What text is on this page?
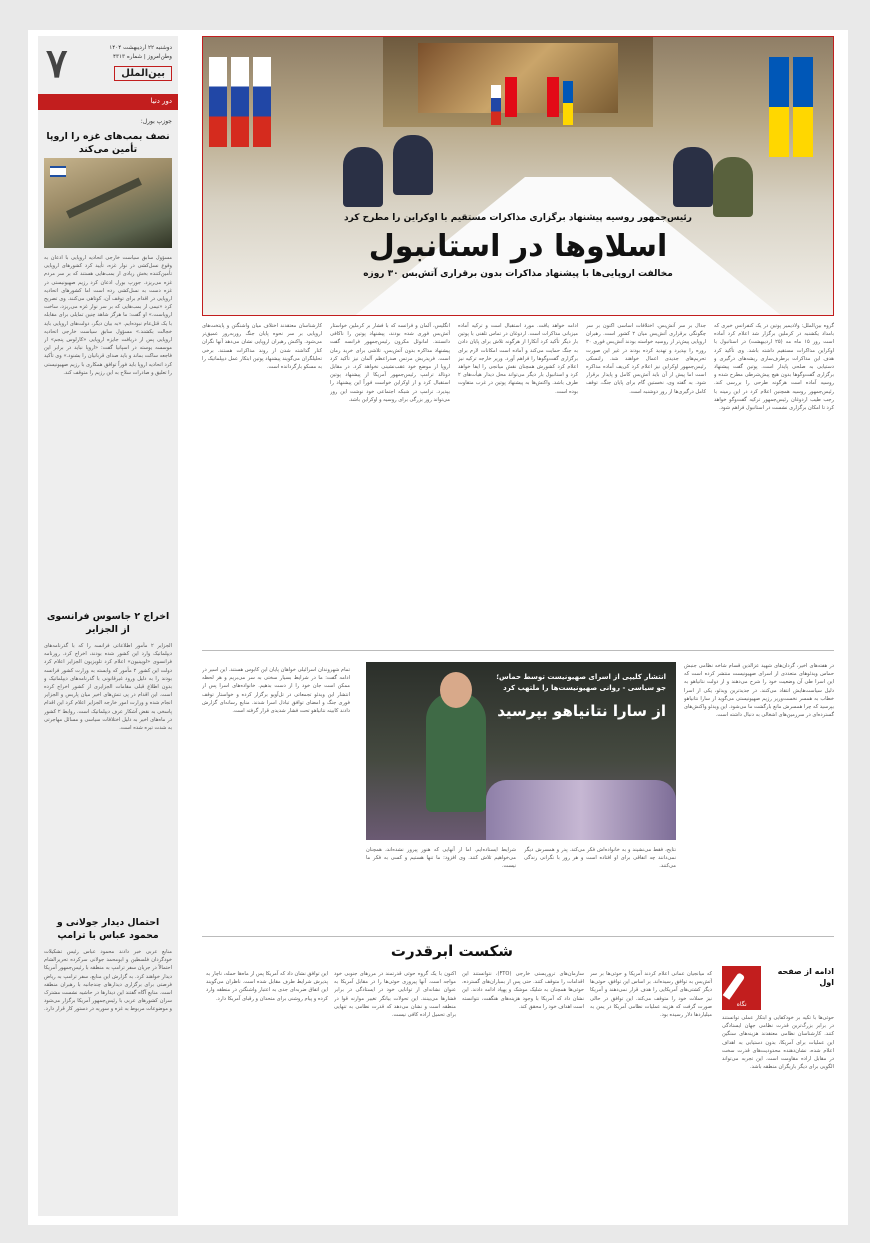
۷	دوشنبه ۲۲ اردیبهشت ۱۴۰۴
وطن‌امروز | شماره ۴۳۱۳
بین‌الملل
دور دنیا
جوزپ بورل:
نصف بمب‌های غزه را اروپا تأمین می‌کند

مسؤول سابق سیاست خارجی اتحادیه اروپایی با اذعان به وقوع نسل‌کشی در نوار غزه، تأیید کرد کشورهای اروپایی تأمین‌کننده بخش زیادی از بمب‌هایی هستند که بر سر مردم غزه می‌ریزد. جوزپ بورل اذعان کرد رژیم صهیونیستی در غزه دست به نسل‌کشی زده است اما کشورهای اتحادیه اروپایی در اقدام برای توقف آن، کوتاهی می‌کنند. وی تصریح کرد «نیمی از بمب‌هایی که بر سر نوار غزه می‌ریزد، ساخت اروپاست.» او گفت: ما هرگز شاهد چنین تمایلی برای مقابله با یک قتل‌عام نبوده‌ایم. «به بیان دیگر، دولت‌های اروپایی باید خجالت بکشند.» مسؤول سابق سیاست خارجی اتحادیه اروپایی پس از دریافت جایزه اروپایی «کارلوس پنجم» از موسسه یوسته در اسپانیا گفت: «اروپا نباید در برابر این فاجعه ساکت بماند و باید صدای قربانیان را بشنود.» وی تأکید کرد اتحادیه اروپا باید فوراً توافق همکاری با رژیم صهیونیستی را تعلیق و صادرات سلاح به این رژیم را متوقف کند.

اخراج ۲ جاسوس فرانسوی از الجزایر

الجزایر ۲ مأمور اطلاعاتی فرانسه را که با گذرنامه‌های دیپلماتیک وارد این کشور شده بودند، اخراج کرد. روزنامه فرانسوی «لوپینیون» اعلام کرد تلویزیون الجزایر اعلام کرد دولت این کشور ۲ مأمور که وابسته به وزارت کشور فرانسه بودند را به دلیل ورود غیرقانونی با گذرنامه‌های دیپلماتیک و بدون اطلاع قبلی مقامات الجزایری از کشور اخراج کرده است. این اقدام در پی تنش‌های اخیر میان پاریس و الجزایر انجام شده و وزارت امور خارجه الجزایر اعلام کرد این اقدام پاسخی به نقض آشکار عرف دیپلماتیک است. روابط ۲ کشور در ماه‌های اخیر به دلیل اختلافات سیاسی و مسائل مهاجرتی به شدت تیره شده است.

احتمال دیدار جولانی و محمود عباس با ترامپ

منابع عربی خبر دادند محمود عباس رئیس تشکیلات خودگردان فلسطین و ابومحمد جولانی سرکرده تحریرالشام احتمالاً در جریان سفر ترامپ به منطقه با رئیس‌جمهور آمریکا دیدار خواهند کرد. به گزارش این منابع، سفر ترامپ به ریاض فرصتی برای برگزاری دیدارهای چندجانبه با رهبران منطقه است. منابع آگاه گفتند این دیدارها در حاشیه نشست مشترک سران کشورهای عربی با رئیس‌جمهور آمریکا برگزار می‌شود و موضوعات مربوط به غزه و سوریه در دستور کار قرار دارد.

رئیس‌جمهور روسیه پیشنهاد برگزاری مذاکرات مستقیم با اوکراین را مطرح کرد
اسلاوها در استانبول
مخالفت اروپایی‌ها با پیشنهاد مذاکرات بدون برقراری آتش‌بس ۳۰ روزه

گروه بین‌الملل: ولادیمیر پوتین در یک کنفرانس خبری که بامداد یکشنبه در کرملین برگزار شد اعلام کرد آماده است روز ۱۵ ماه مه (۲۵ اردیبهشت) در استانبول با اوکراین مذاکرات مستقیم داشته باشد. وی تأکید کرد هدف این مذاکرات برطرف‌سازی ریشه‌های درگیری و دستیابی به صلحی پایدار است. پوتین گفت پیشنهاد برگزاری گفت‌وگوها بدون هیچ پیش‌شرطی مطرح شده و روسیه آماده است هرگونه طرحی را بررسی کند. رئیس‌جمهور روسیه همچنین اعلام کرد در این زمینه با رجب طیب اردوغان رئیس‌جمهور ترکیه گفت‌وگو خواهد کرد تا امکان برگزاری نشست در استانبول فراهم شود.

جدال بر سر آتش‌بس. اختلافات اساسی اکنون بر سر چگونگی برقراری آتش‌بس میان ۲ کشور است. رهبران اروپایی پیش‌تر از روسیه خواسته بودند آتش‌بس فوری ۳۰ روزه را بپذیرد و تهدید کرده بودند در غیر این صورت تحریم‌های جدیدی اعمال خواهند شد. زلنسکی رئیس‌جمهور اوکراین نیز اعلام کرد کی‌یف آماده مذاکره است اما پیش از آن باید آتش‌بس کامل و پایدار برقرار شود. به گفته وی، نخستین گام برای پایان جنگ، توقف کامل درگیری‌ها از روز دوشنبه است.

ادامه خواهد یافت. مورد استقبال است و ترکیه آماده میزبانی مذاکرات است. اردوغان در تماس تلفنی با پوتین بار دیگر تأکید کرد آنکارا از هرگونه تلاش برای پایان دادن به جنگ حمایت می‌کند و آماده است امکانات لازم برای برگزاری گفت‌وگوها را فراهم آورد. وزیر خارجه ترکیه نیز اعلام کرد کشورش همچنان نقش میانجی را ایفا خواهد کرد و استانبول بار دیگر می‌تواند محل دیدار هیأت‌های ۲ طرف باشد. واکنش‌ها به پیشنهاد پوتین در غرب متفاوت بوده است.

انگلیس، آلمان و فرانسه که با فشار بر کرملین خواستار آتش‌بس فوری شده بودند، پیشنهاد پوتین را ناکافی دانستند. امانوئل مکرون رئیس‌جمهور فرانسه گفت پیشنهاد مذاکره بدون آتش‌بس، تلاشی برای خرید زمان است. فریدریش مرتس صدراعظم آلمان نیز تأکید کرد اروپا از موضع خود عقب‌نشینی نخواهد کرد. در مقابل دونالد ترامپ رئیس‌جمهور آمریکا از پیشنهاد پوتین استقبال کرد و از اوکراین خواست فوراً این پیشنهاد را بپذیرد. ترامپ در شبکه اجتماعی خود نوشت این روز می‌تواند روز بزرگی برای روسیه و اوکراین باشد.

کارشناسان معتقدند اختلاف میان واشنگتن و پایتخت‌های اروپایی بر سر نحوه پایان جنگ روزبه‌روز عمیق‌تر می‌شود. واکنش رهبران اروپایی نشان می‌دهد آنها نگران کنار گذاشته شدن از روند مذاکرات هستند. برخی تحلیلگران می‌گویند پیشنهاد پوتین ابتکار عمل دیپلماتیک را به مسکو بازگردانده است.

در هفته‌های اخیر، گردان‌های شهید عزالدین قسام شاخه نظامی جنبش حماس ویدئوهای متعددی از اسرای صهیونیست منتشر کرده است که این اسرا طی آن وضعیت خود را شرح می‌دهند و از دولت نتانیاهو به دلیل سیاست‌هایش انتقاد می‌کنند. در جدیدترین ویدئو، یکی از اسرا خطاب به همسر نخست‌وزیر رژیم صهیونیستی می‌گوید از سارا نتانیاهو بپرسید که چرا همسرش مانع بازگشت ما می‌شود. این ویدئو واکنش‌های گسترده‌ای در سرزمین‌های اشغالی به دنبال داشته است.

انتشار کلیپی از اسرای صهیونیست توسط حماس؛ جو سیاسی - روانی صهیونیست‌ها را ملتهب کرد
از سارا نتانیاهو بپرسید

تمام شهروندان اسرائیلی خواهان پایان این کابوس هستند. این اسیر در ادامه گفت: ما در شرایط بسیار سختی به سر می‌بریم و هر لحظه ممکن است جان خود را از دست بدهیم. خانواده‌های اسرا پس از انتشار این ویدئو تجمعاتی در تل‌آویو برگزار کرده و خواستار توقف فوری جنگ و امضای توافق تبادل اسرا شدند. منابع رسانه‌ای گزارش دادند کابینه نتانیاهو تحت فشار شدیدی قرار گرفته است.

نتایج، فقط می‌نشیند و به خانواده‌اش فکر می‌کند. پدر و همسرش دیگر نمی‌دانند چه اتفاقی برای او افتاده است و هر روز با نگرانی زندگی می‌کنند.

شرایط ایستاده‌ایم. اما از آنهایی که هنوز پیروز نشده‌اند، همچنان می‌خواهیم تلاش کنند. وی افزود: ما تنها هستیم و کسی به فکر ما نیست.

شکست ابرقدرت

که میانجیان عمانی اعلام کردند آمریکا و حوثی‌ها بر سر آتش‌بس به توافق رسیده‌اند. بر اساس این توافق، حوثی‌ها دیگر کشتی‌های آمریکایی را هدف قرار نمی‌دهند و آمریکا نیز حملات خود را متوقف می‌کند. این توافق در حالی صورت گرفت که هزینه عملیات نظامی آمریکا در یمن به میلیاردها دلار رسیده بود.

سازمان‌های تروریستی خارجی (FTO)، نتوانستند این اقدامات را متوقف کنند. حتی پس از بمباران‌های گسترده، حوثی‌ها همچنان به شلیک موشک و پهپاد ادامه دادند. این نشان داد که آمریکا با وجود هزینه‌های هنگفت، نتوانسته است اهداف خود را محقق کند.

اکنون با یک گروه حوثی قدرتمند در مرزهای جنوبی خود مواجه است. آنها پیروزی حوثی‌ها را در مقابل آمریکا به عنوان نشانه‌ای از توانایی خود در ایستادگی در برابر فشارها می‌بینند. این تحولات بیانگر تغییر موازنه قوا در منطقه است و نشان می‌دهد که قدرت نظامی به تنهایی برای تحمیل اراده کافی نیست.

این توافق نشان داد که آمریکا پس از ماه‌ها حمله، ناچار به پذیرش شرایط طرف مقابل شده است. ناظران می‌گویند این اتفاق ضربه‌ای جدی به اعتبار واشنگتن در منطقه وارد کرده و پیام روشنی برای متحدان و رقبای آمریکا دارد.

ادامه از صفحه اول
نگاه

حوثی‌ها با تکیه بر خودکفایی و ابتکار عملی توانستند در برابر بزرگ‌ترین قدرت نظامی جهان ایستادگی کنند. کارشناسان نظامی معتقدند هزینه‌های سنگین این عملیات برای آمریکا، بدون دستیابی به اهداف اعلام شده، نشان‌دهنده محدودیت‌های قدرت سخت در مقابل اراده مقاومت است. این تجربه می‌تواند الگویی برای دیگر بازیگران منطقه باشد.
